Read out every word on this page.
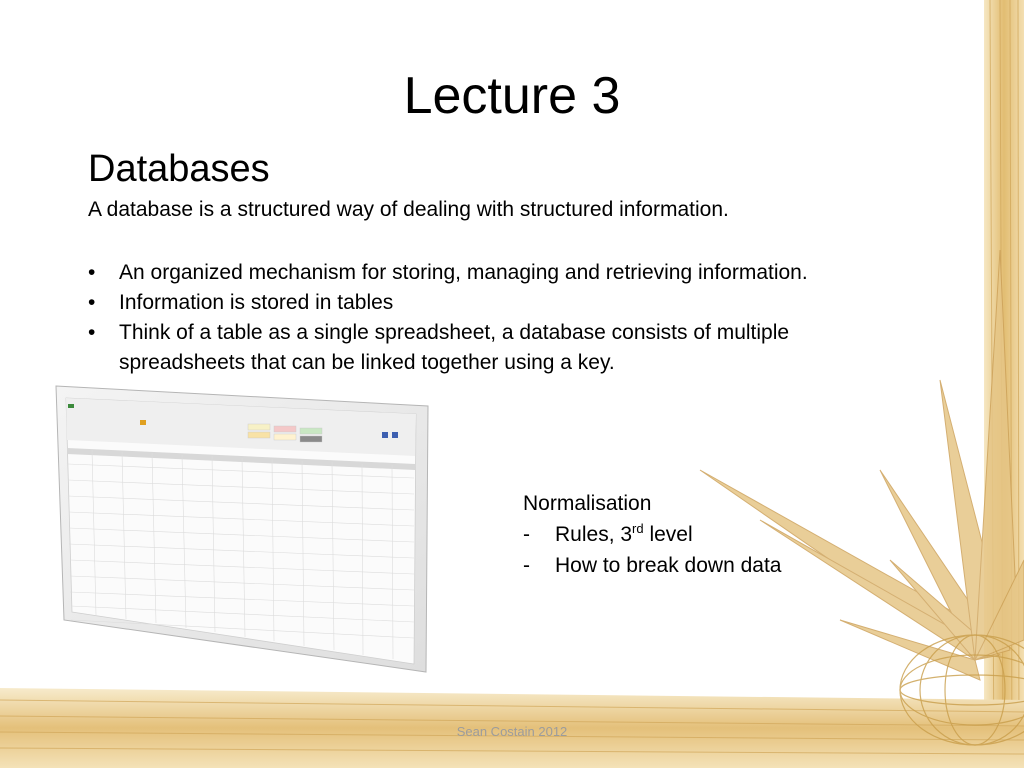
Lecture 3
Databases
A database is a structured way of dealing with structured information.
• An organized mechanism for storing, managing and retrieving information.
• Information is stored in tables
• Think of a table as a single spreadsheet, a database consists of multiple spreadsheets that can be linked together using a key.
Normalisation
- Rules, 3rd level
- How to break down data
Sean Costain 2012
